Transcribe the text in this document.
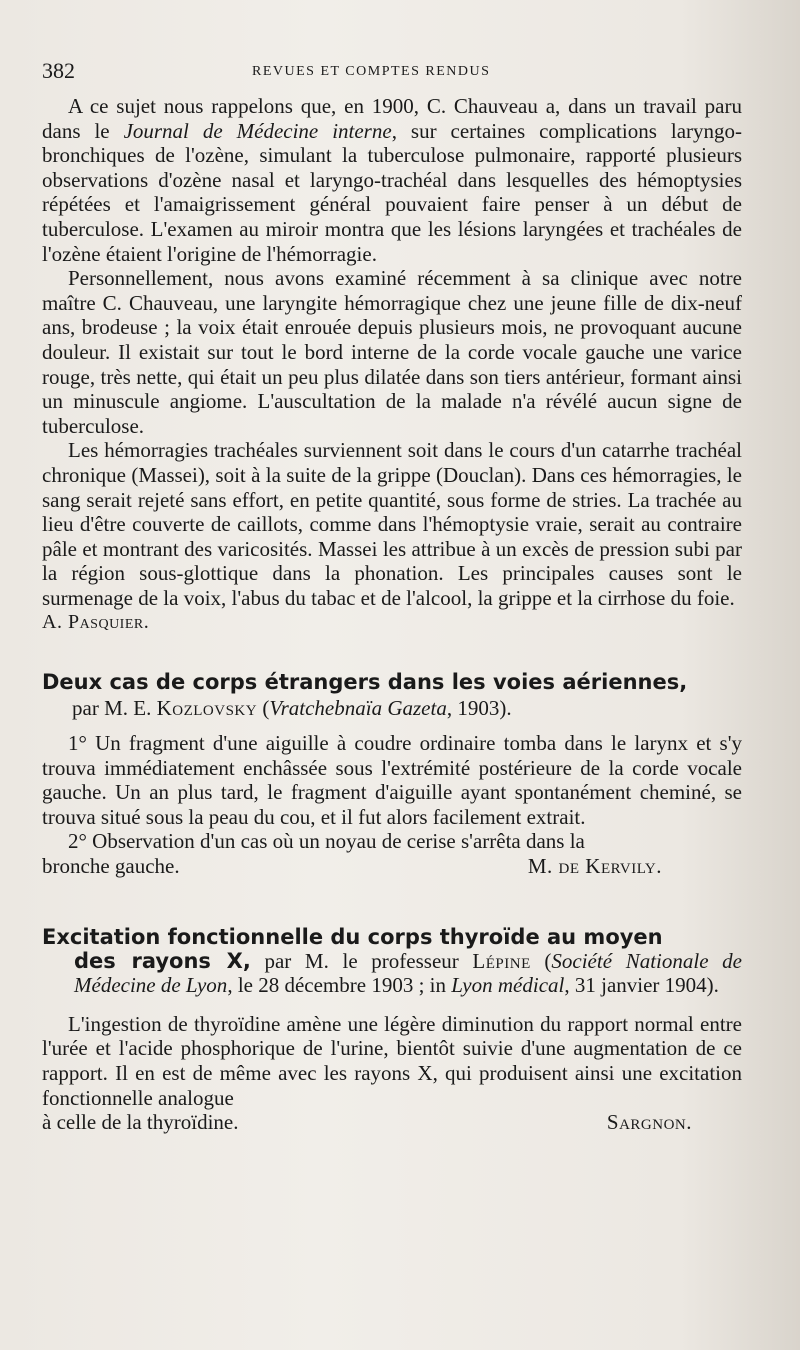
382	REVUES ET COMPTES RENDUS

A ce sujet nous rappelons que, en 1900, C. Chauveau a, dans un travail paru dans le Journal de Médecine interne, sur certaines complications laryngo-bronchiques de l'ozène, simulant la tuberculose pulmonaire, rapporté plusieurs observations d'ozène nasal et laryngo-trachéal dans lesquelles des hémoptysies répétées et l'amaigrissement général pouvaient faire penser à un début de tuberculose. L'examen au miroir montra que les lésions laryngées et trachéales de l'ozène étaient l'origine de l'hémorragie.

Personnellement, nous avons examiné récemment à sa clinique avec notre maître C. Chauveau, une laryngite hémorragique chez une jeune fille de dix-neuf ans, brodeuse ; la voix était enrouée depuis plusieurs mois, ne provoquant aucune douleur. Il existait sur tout le bord interne de la corde vocale gauche une varice rouge, très nette, qui était un peu plus dilatée dans son tiers antérieur, formant ainsi un minuscule angiome. L'auscultation de la malade n'a révélé aucun signe de tuberculose.

Les hémorragies trachéales surviennent soit dans le cours d'un catarrhe trachéal chronique (Massei), soit à la suite de la grippe (Douclan). Dans ces hémorragies, le sang serait rejeté sans effort, en petite quantité, sous forme de stries. La trachée au lieu d'être couverte de caillots, comme dans l'hémoptysie vraie, serait au contraire pâle et montrant des varicosités. Massei les attribue à un excès de pression subi par la région sous-glottique dans la phonation. Les principales causes sont le surmenage de la voix, l'abus du tabac et de l'alcool, la grippe et la cirrhose du foie.

A. Pasquier.

Deux cas de corps étrangers dans les voies aériennes,

par M. E. Kozlovsky (Vratchebnaïa Gazeta, 1903).

1° Un fragment d'une aiguille à coudre ordinaire tomba dans le larynx et s'y trouva immédiatement enchâssée sous l'extrémité postérieure de la corde vocale gauche. Un an plus tard, le fragment d'aiguille ayant spontanément cheminé, se trouva situé sous la peau du cou, et il fut alors facilement extrait.

2° Observation d'un cas où un noyau de cerise s'arrêta dans la

bronche gauche.	M. de Kervily.

Excitation fonctionnelle du corps thyroïde au moyen

des rayons X, par M. le professeur Lépine (Société Nationale de Médecine de Lyon, le 28 décembre 1903 ; in Lyon médical, 31 janvier 1904).

L'ingestion de thyroïdine amène une légère diminution du rapport normal entre l'urée et l'acide phosphorique de l'urine, bientôt suivie d'une augmentation de ce rapport. Il en est de même avec les rayons X, qui produisent ainsi une excitation fonctionnelle analogue

à celle de la thyroïdine.	Sargnon.
